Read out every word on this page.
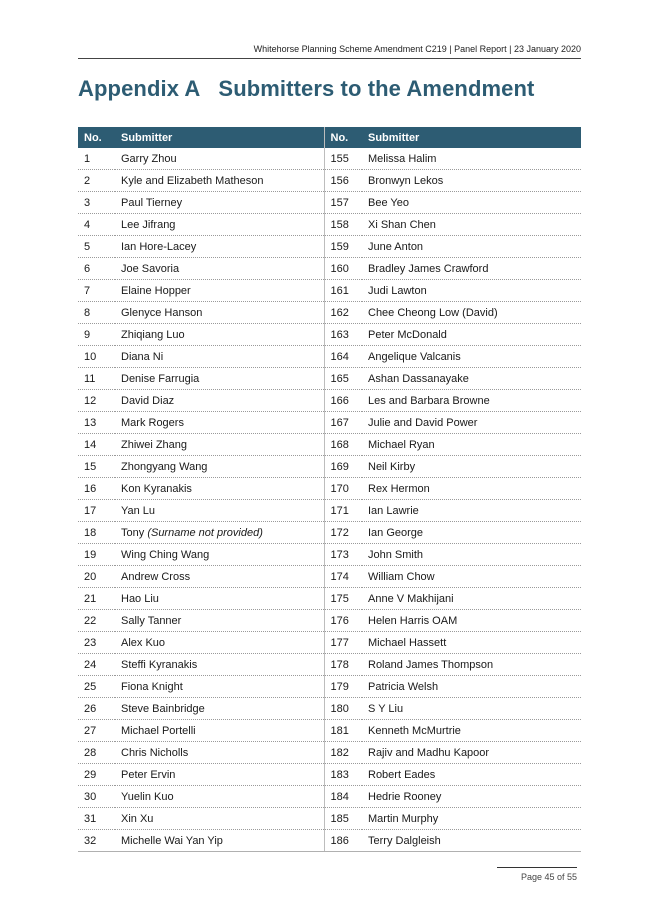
Whitehorse Planning Scheme Amendment C219 | Panel Report | 23 January 2020
Appendix A Submitters to the Amendment
No.	Submitter	No.	Submitter
1	Garry Zhou	155	Melissa Halim
2	Kyle and Elizabeth Matheson	156	Bronwyn Lekos
3	Paul Tierney	157	Bee Yeo
4	Lee Jifrang	158	Xi Shan Chen
5	Ian Hore-Lacey	159	June Anton
6	Joe Savoria	160	Bradley James Crawford
7	Elaine Hopper	161	Judi Lawton
8	Glenyce Hanson	162	Chee Cheong Low (David)
9	Zhiqiang Luo	163	Peter McDonald
10	Diana Ni	164	Angelique Valcanis
11	Denise Farrugia	165	Ashan Dassanayake
12	David Diaz	166	Les and Barbara Browne
13	Mark Rogers	167	Julie and David Power
14	Zhiwei Zhang	168	Michael Ryan
15	Zhongyang Wang	169	Neil Kirby
16	Kon Kyranakis	170	Rex Hermon
17	Yan Lu	171	Ian Lawrie
18	Tony (Surname not provided)	172	Ian George
19	Wing Ching Wang	173	John Smith
20	Andrew Cross	174	William Chow
21	Hao Liu	175	Anne V Makhijani
22	Sally Tanner	176	Helen Harris OAM
23	Alex Kuo	177	Michael Hassett
24	Steffi Kyranakis	178	Roland James Thompson
25	Fiona Knight	179	Patricia Welsh
26	Steve Bainbridge	180	S Y Liu
27	Michael Portelli	181	Kenneth McMurtrie
28	Chris Nicholls	182	Rajiv and Madhu Kapoor
29	Peter Ervin	183	Robert Eades
30	Yuelin Kuo	184	Hedrie Rooney
31	Xin Xu	185	Martin Murphy
32	Michelle Wai Yan Yip	186	Terry Dalgleish
Page 45 of 55
